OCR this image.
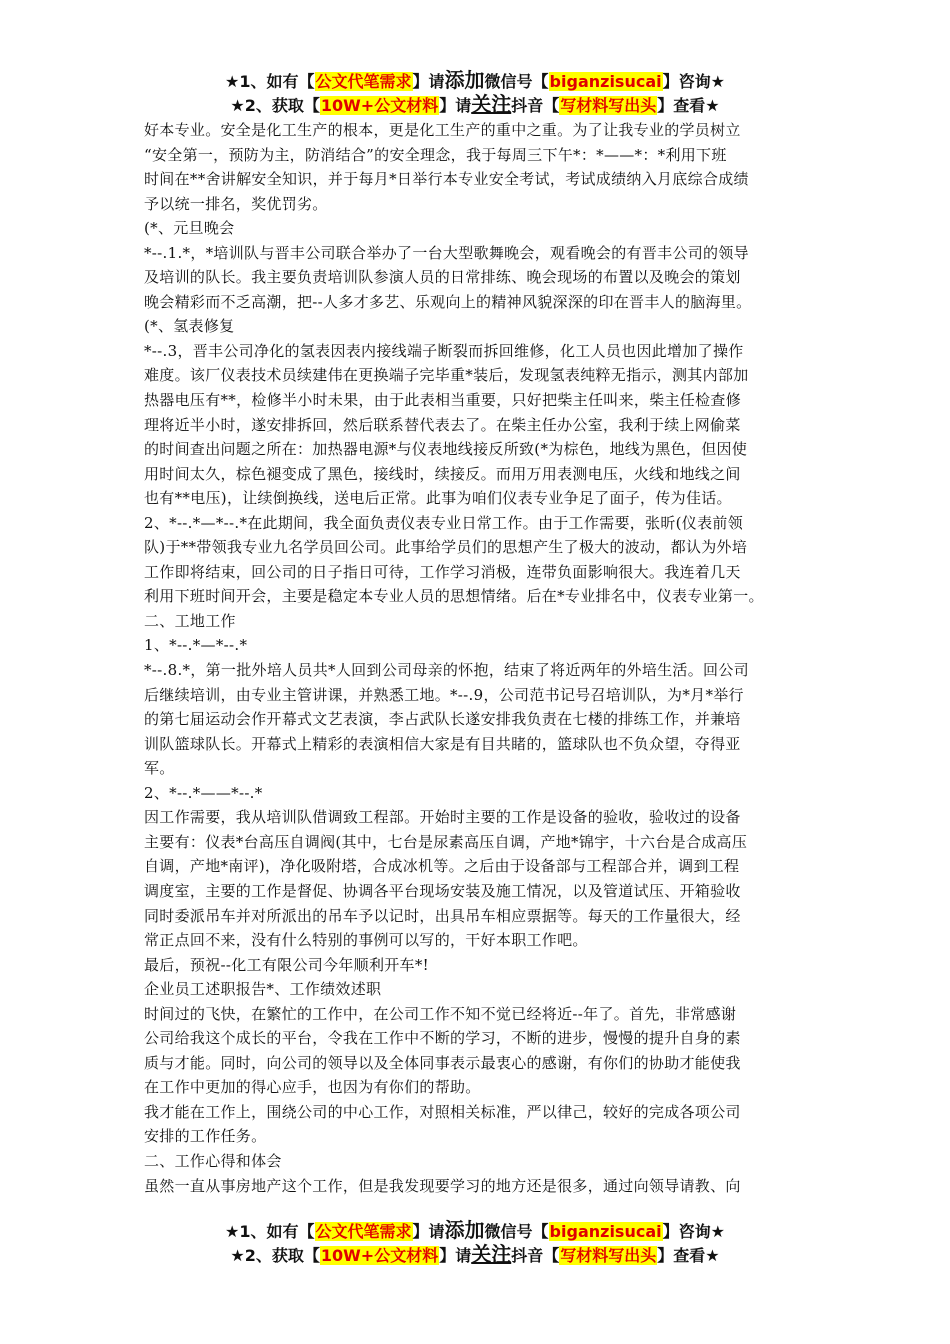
★1、如有【公文代笔需求】请添加微信号【biganzisucai】咨询★
★2、获取【10W+公文材料】请关注抖音【写材料写出头】查看★

好本专业。安全是化工生产的根本，更是化工生产的重中之重。为了让我专业的学员树立

“安全第一，预防为主，防消结合”的安全理念，我于每周三下午*：*——*：*利用下班

时间在**舍讲解安全知识，并于每月*日举行本专业安全考试，考试成绩纳入月底综合成绩

予以统一排名，奖优罚劣。

(*、元旦晚会

*--.1.*，*培训队与晋丰公司联合举办了一台大型歌舞晚会，观看晚会的有晋丰公司的领导

及培训的队长。我主要负责培训队参演人员的日常排练、晚会现场的布置以及晚会的策划

晚会精彩而不乏高潮，把--人多才多艺、乐观向上的精神风貌深深的印在晋丰人的脑海里。

(*、氢表修复

*--.3，晋丰公司净化的氢表因表内接线端子断裂而拆回维修，化工人员也因此增加了操作

难度。该厂仪表技术员续建伟在更换端子完毕重*装后，发现氢表纯粹无指示，测其内部加

热器电压有**，检修半小时未果，由于此表相当重要，只好把柴主任叫来，柴主任检查修

理将近半小时，遂安排拆回，然后联系替代表去了。在柴主任办公室，我利于续上网偷菜

的时间查出问题之所在：加热器电源*与仪表地线接反所致(*为棕色，地线为黑色，但因使

用时间太久，棕色褪变成了黑色，接线时，续接反。而用万用表测电压，火线和地线之间

也有**电压)，让续倒换线，送电后正常。此事为咱们仪表专业争足了面子，传为佳话。

2、*--.*—*--.*在此期间，我全面负责仪表专业日常工作。由于工作需要，张昕(仪表前领

队)于**带领我专业九名学员回公司。此事给学员们的思想产生了极大的波动，都认为外培

工作即将结束，回公司的日子指日可待，工作学习消极，连带负面影响很大。我连着几天

利用下班时间开会，主要是稳定本专业人员的思想情绪。后在*专业排名中，仪表专业第一。

二、工地工作

1、*--.*—*--.*

*--.8.*，第一批外培人员共*人回到公司母亲的怀抱，结束了将近两年的外培生活。回公司

后继续培训，由专业主管讲课，并熟悉工地。*--.9，公司范书记号召培训队，为*月*举行

的第七届运动会作开幕式文艺表演，李占武队长遂安排我负责在七楼的排练工作，并兼培

训队篮球队长。开幕式上精彩的表演相信大家是有目共睹的，篮球队也不负众望，夺得亚

军。

2、*--.*——*--.*

因工作需要，我从培训队借调致工程部。开始时主要的工作是设备的验收，验收过的设备

主要有：仪表*台高压自调阀(其中，七台是尿素高压自调，产地*锦宇，十六台是合成高压

自调，产地*南评)，净化吸附塔，合成冰机等。之后由于设备部与工程部合并，调到工程

调度室，主要的工作是督促、协调各平台现场安装及施工情况，以及管道试压、开箱验收

同时委派吊车并对所派出的吊车予以记时，出具吊车相应票据等。每天的工作量很大，经

常正点回不来，没有什么特别的事例可以写的，干好本职工作吧。

最后，预祝--化工有限公司今年顺利开车*!

企业员工述职报告*、工作绩效述职

时间过的飞快，在繁忙的工作中，在公司工作不知不觉已经将近--年了。首先，非常感谢

公司给我这个成长的平台，令我在工作中不断的学习，不断的进步，慢慢的提升自身的素

质与才能。同时，向公司的领导以及全体同事表示最衷心的感谢，有你们的协助才能使我

在工作中更加的得心应手，也因为有你们的帮助。

我才能在工作上，围绕公司的中心工作，对照相关标准，严以律己，较好的完成各项公司

安排的工作任务。

二、工作心得和体会

虽然一直从事房地产这个工作，但是我发现要学习的地方还是很多，通过向领导请教、向

★1、如有【公文代笔需求】请添加微信号【biganzisucai】咨询★
★2、获取【10W+公文材料】请关注抖音【写材料写出头】查看★
